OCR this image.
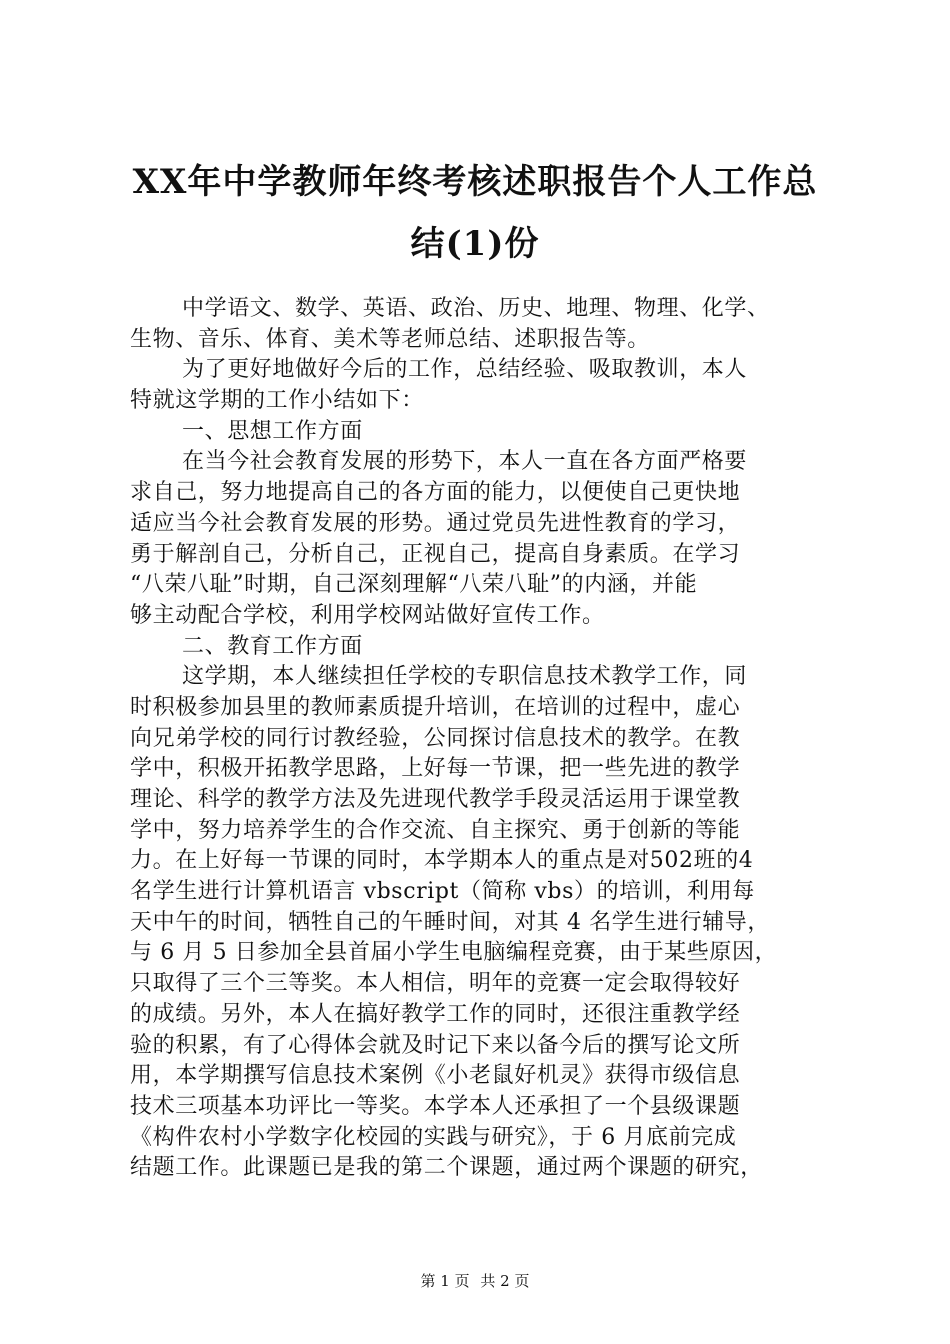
XX年中学教师年终考核述职报告个人工作总
结(1)份

中学语文、数学、英语、政治、历史、地理、物理、化学、

生物、音乐、体育、美术等老师总结、述职报告等。

为了更好地做好今后的工作，总结经验、吸取教训，本人

特就这学期的工作小结如下：

一、思想工作方面

在当今社会教育发展的形势下，本人一直在各方面严格要

求自己，努力地提高自己的各方面的能力，以便使自己更快地

适应当今社会教育发展的形势。通过党员先进性教育的学习，

勇于解剖自己，分析自己，正视自己，提高自身素质。在学习

“八荣八耻”时期，自己深刻理解“八荣八耻”的内涵，并能

够主动配合学校，利用学校网站做好宣传工作。

二、教育工作方面

这学期，本人继续担任学校的专职信息技术教学工作，同

时积极参加县里的教师素质提升培训，在培训的过程中，虚心

向兄弟学校的同行讨教经验，公同探讨信息技术的教学。在教

学中，积极开拓教学思路，上好每一节课，把一些先进的教学

理论、科学的教学方法及先进现代教学手段灵活运用于课堂教

学中，努力培养学生的合作交流、自主探究、勇于创新的等能

力。在上好每一节课的同时，本学期本人的重点是对502班的4

名学生进行计算机语言 vbscript（简称 vbs）的培训，利用每

天中午的时间，牺牲自己的午睡时间，对其 4 名学生进行辅导，

与 6 月 5 日参加全县首届小学生电脑编程竞赛，由于某些原因，

只取得了三个三等奖。本人相信，明年的竞赛一定会取得较好

的成绩。另外，本人在搞好教学工作的同时，还很注重教学经

验的积累，有了心得体会就及时记下来以备今后的撰写论文所

用，本学期撰写信息技术案例《小老鼠好机灵》获得市级信息

技术三项基本功评比一等奖。本学本人还承担了一个县级课题

《构件农村小学数字化校园的实践与研究》，于 6 月底前完成

结题工作。此课题已是我的第二个课题，通过两个课题的研究，

第 1 页 共 2 页
